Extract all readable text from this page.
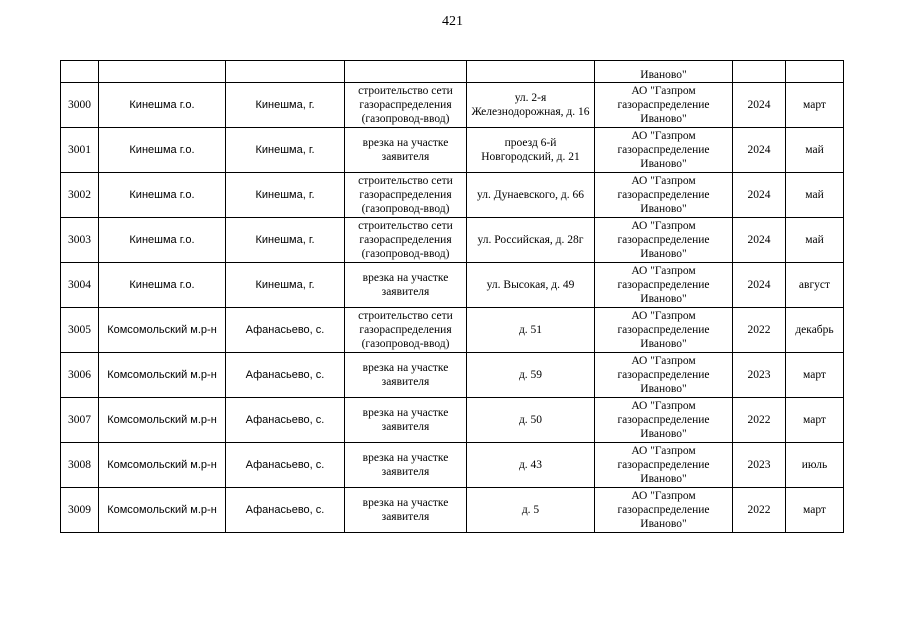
421
					Иваново"		
3000	Кинешма г.о.	Кинешма, г.	строительство сети газораспределения (газопровод-ввод)	ул. 2-я Железнодорожная, д. 16	АО "Газпром газораспределение Иваново"	2024	март
3001	Кинешма г.о.	Кинешма, г.	врезка на участке заявителя	проезд 6-й Новгородский, д. 21	АО "Газпром газораспределение Иваново"	2024	май
3002	Кинешма г.о.	Кинешма, г.	строительство сети газораспределения (газопровод-ввод)	ул. Дунаевского, д. 66	АО "Газпром газораспределение Иваново"	2024	май
3003	Кинешма г.о.	Кинешма, г.	строительство сети газораспределения (газопровод-ввод)	ул. Российская, д. 28г	АО "Газпром газораспределение Иваново"	2024	май
3004	Кинешма г.о.	Кинешма, г.	врезка на участке заявителя	ул. Высокая, д. 49	АО "Газпром газораспределение Иваново"	2024	август
3005	Комсомольский м.р-н	Афанасьево, с.	строительство сети газораспределения (газопровод-ввод)	д. 51	АО "Газпром газораспределение Иваново"	2022	декабрь
3006	Комсомольский м.р-н	Афанасьево, с.	врезка на участке заявителя	д. 59	АО "Газпром газораспределение Иваново"	2023	март
3007	Комсомольский м.р-н	Афанасьево, с.	врезка на участке заявителя	д. 50	АО "Газпром газораспределение Иваново"	2022	март
3008	Комсомольский м.р-н	Афанасьево, с.	врезка на участке заявителя	д. 43	АО "Газпром газораспределение Иваново"	2023	июль
3009	Комсомольский м.р-н	Афанасьево, с.	врезка на участке заявителя	д. 5	АО "Газпром газораспределение Иваново"	2022	март
